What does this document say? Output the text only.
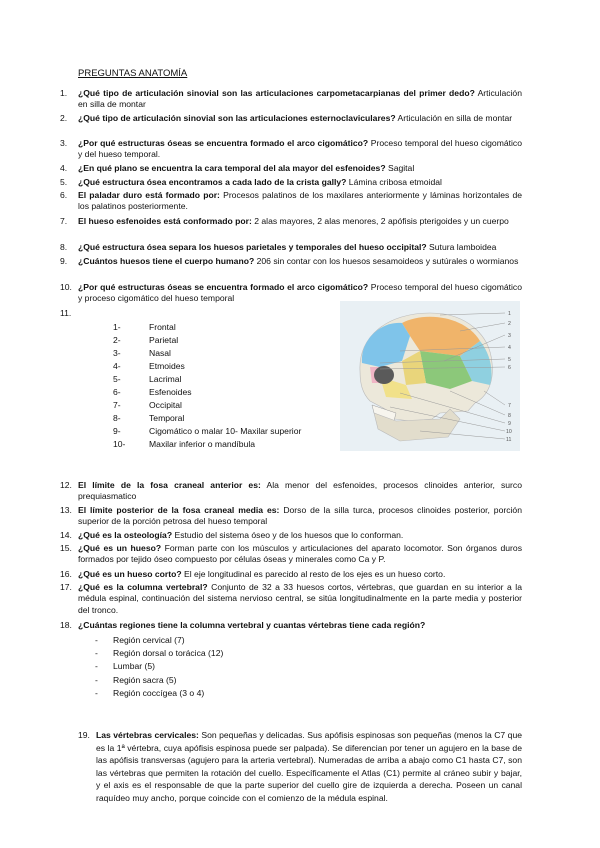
PREGUNTAS ANATOMÍA
1.	¿Qué tipo de articulación sinovial son las articulaciones carpometacarpianas del primer dedo? Articulación en silla de montar
2.	¿Qué tipo de articulación sinovial son las articulaciones esternoclaviculares? Articulación en silla de montar
3.	¿Por qué estructuras óseas se encuentra formado el arco cigomático? Proceso temporal del hueso cigomático y del hueso temporal.
4.	¿En qué plano se encuentra la cara temporal del ala mayor del esfenoides? Sagital
5.	¿Qué estructura ósea encontramos a cada lado de la crista gally? Lámina cribosa etmoidal
6.	El paladar duro está formado por: Procesos palatinos de los maxilares anteriormente y láminas horizontales de los palatinos posteriormente.
7.	El hueso esfenoides está conformado por: 2 alas mayores, 2 alas menores, 2 apófisis pterigoides y un cuerpo
8.	¿Qué estructura ósea separa los huesos parietales y temporales del hueso occipital? Sutura lamboidea
9.	¿Cuántos huesos tiene el cuerpo humano? 206 sin contar con los huesos sesamoideos y sutúrales o wormianos
10. ¿Por qué estructuras óseas se encuentra formado el arco cigomático? Proceso temporal del hueso cigomático y proceso cigomático del hueso temporal
11.
1-	Frontal
2-	Parietal
3-	Nasal
4-	Etmoides
5-	Lacrimal
6-	Esfenoides
7-	Occipital
8-	Temporal
9-	Cigomático o malar 10- Maxilar superior
10-	Maxilar inferior o mandíbula
1
2
3
4
5
6
7
8
9
10
11
12. El límite de la fosa craneal anterior es: Ala menor del esfenoides, procesos clinoides anterior, surco prequiasmatico
13. El límite posterior de la fosa craneal media es: Dorso de la silla turca, procesos clinoides posterior, porción superior de la porción petrosa del hueso temporal
14. ¿Qué es la osteología? Estudio del sistema óseo y de los huesos que lo conforman.
15. ¿Qué es un hueso? Forman parte con los músculos y articulaciones del aparato locomotor. Son órganos duros formados por tejido óseo compuesto por células óseas y minerales como Ca y P.
16. ¿Qué es un hueso corto? El eje longitudinal es parecido al resto de los ejes es un hueso corto.
17. ¿Qué es la columna vertebral? Conjunto de 32 a 33 huesos cortos, vértebras, que guardan en su interior a la médula espinal, continuación del sistema nervioso central, se sitúa longitudinalmente en la parte media y posterior del tronco.
18. ¿Cuántas regiones tiene la columna vertebral y cuantas vértebras tiene cada región?
-	Región cervical (7)
-	Región dorsal o torácica (12)
-	Lumbar (5)
-	Región sacra (5)
-	Región coccígea (3 o 4)
19. Las vértebras cervicales: Son pequeñas y delicadas. Sus apófisis espinosas son pequeñas (menos la C7 que es la 1ª vértebra, cuya apófisis espinosa puede ser palpada). Se diferencian por tener un agujero en la base de las apófisis transversas (agujero para la arteria vertebral). Numeradas de arriba a abajo como C1 hasta C7, son las vértebras que permiten la rotación del cuello. Específicamente el Atlas (C1) permite al cráneo subir y bajar, y el axis es el responsable de que la parte superior del cuello gire de izquierda a derecha. Poseen un canal raquídeo muy ancho, porque coincide con el comienzo de la médula espinal.
